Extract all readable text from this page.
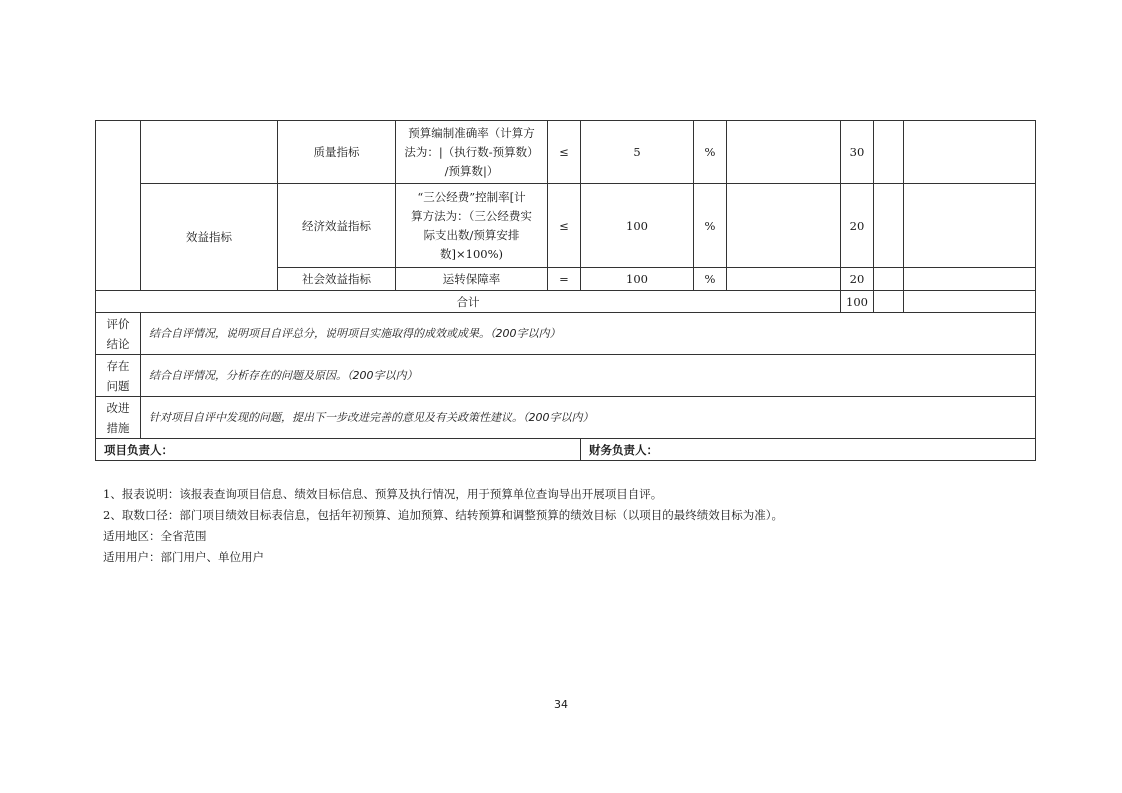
		质量指标	预算编制准确率（计算方
法为：|（执行数-预算数）
/预算数|）	≤	5	%		30		
	效益指标	经济效益指标	“三公经费”控制率[计
算方法为：（三公经费实
际支出数/预算安排
数]×100%)	≤	100	%		20		
		社会效益指标	运转保障率	=	100	%		20		
合计								100		

评价
结论	结合自评情况，说明项目自评总分，说明项目实施取得的成效或成果。（200字以内）									

存在
问题	结合自评情况，分析存在的问题及原因。（200字以内）									

改进
措施	针对项目自评中发现的问题，提出下一步改进完善的意见及有关政策性建议。（200字以内）									
项目负责人：					财务负责人：					

1、报表说明：该报表查询项目信息、绩效目标信息、预算及执行情况，用于预算单位查询导出开展项目自评。

2、取数口径：部门项目绩效目标表信息，包括年初预算、追加预算、结转预算和调整预算的绩效目标（以项目的最终绩效目标为准）。

适用地区：全省范围

适用用户：部门用户、单位用户

34
